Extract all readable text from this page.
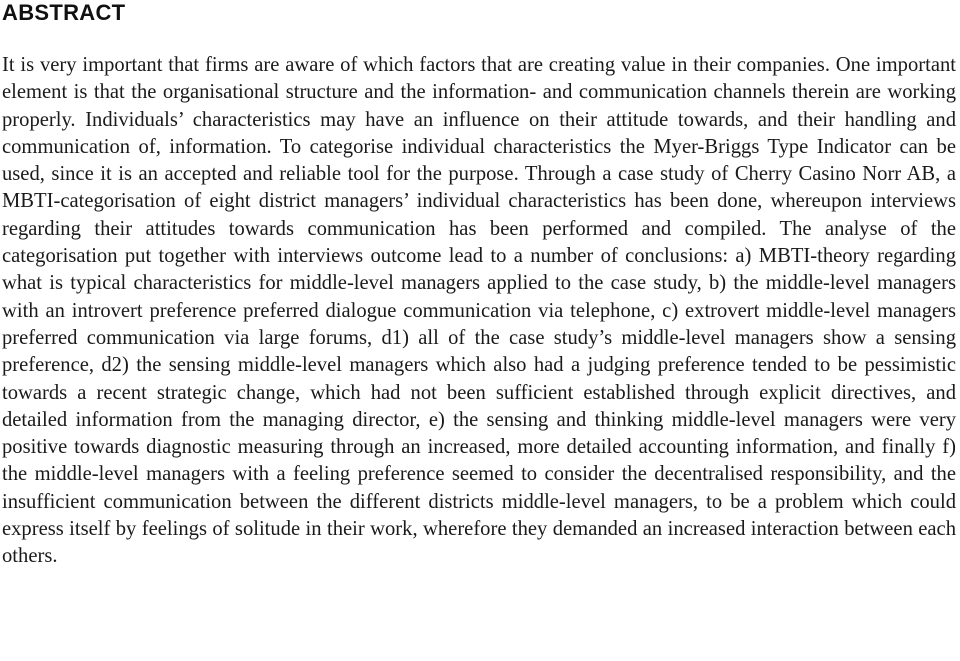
ABSTRACT

It is very important that firms are aware of which factors that are creating value in their companies. One important element is that the organisational structure and the information- and communication channels therein are working properly. Individuals’ characteristics may have an influence on their attitude towards, and their handling and communication of, information. To categorise individual characteristics the Myer-Briggs Type Indicator can be used, since it is an accepted and reliable tool for the purpose. Through a case study of Cherry Casino Norr AB, a MBTI-categorisation of eight district managers’ individual characteristics has been done, whereupon interviews regarding their attitudes towards communication has been performed and compiled. The analyse of the categorisation put together with interviews outcome lead to a number of conclusions: a) MBTI-theory regarding what is typical characteristics for middle-level managers applied to the case study, b) the middle-level managers with an introvert preference preferred dialogue communication via telephone, c) extrovert middle-level managers preferred communication via large forums, d1) all of the case study’s middle-level managers show a sensing preference, d2) the sensing middle-level managers which also had a judging preference tended to be pessimistic towards a recent strategic change, which had not been sufficient established through explicit directives, and detailed information from the managing director, e) the sensing and thinking middle-level managers were very positive towards diagnostic measuring through an increased, more detailed accounting information, and finally f) the middle-level managers with a feeling preference seemed to consider the decentralised responsibility, and the insufficient communication between the different districts middle-level managers, to be a problem which could express itself by feelings of solitude in their work, wherefore they demanded an increased interaction between each others.
